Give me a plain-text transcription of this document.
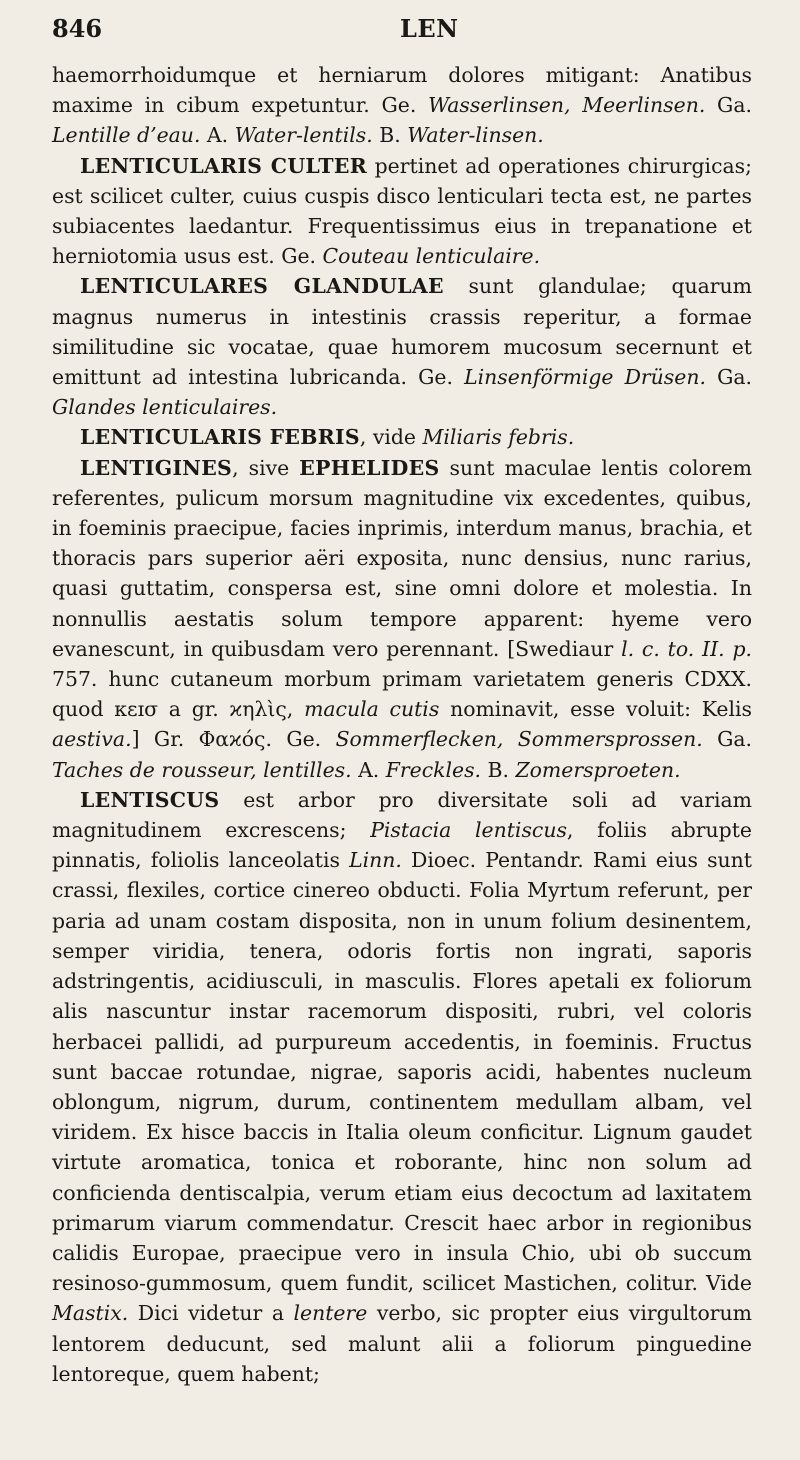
846	LEN

haemorrhoidumque et herniarum dolores mitigant: Anatibus maxime in cibum expetuntur. Ge. Wasserlinsen, Meerlinsen. Ga. Lentille d’eau. A. Water-lentils. B. Water-linsen.

LENTICULARIS CULTER pertinet ad operationes chirurgicas; est scilicet culter, cuius cuspis disco lenticulari tecta est, ne partes subiacentes laedantur. Frequentissimus eius in trepanatione et herniotomia usus est. Ge. Couteau lenticulaire.

LENTICULARES GLANDULAE sunt glandulae; quarum magnus numerus in intestinis crassis reperitur, a formae similitudine sic vocatae, quae humorem mucosum secernunt et emittunt ad intestina lubricanda. Ge. Linsenförmige Drüsen. Ga. Glandes lenticulaires.

LENTICULARIS FEBRIS, vide Miliaris febris.

LENTIGINES, sive EPHELIDES sunt maculae lentis colorem referentes, pulicum morsum magnitudine vix excedentes, quibus, in foeminis praecipue, facies inprimis, interdum manus, brachia, et thoracis pars superior aëri exposita, nunc densius, nunc rarius, quasi guttatim, conspersa est, sine omni dolore et molestia. In nonnullis aestatis solum tempore apparent: hyeme vero evanescunt, in quibusdam vero perennant. [Swediaur l. c. to. II. p. 757. hunc cutaneum morbum primam varietatem generis CDXX. quod κεɪσ a gr. ϰηλὶς, macula cutis nominavit, esse voluit: Kelis aestiva.] Gr. Φαϰός. Ge. Sommerflecken, Sommersprossen. Ga. Taches de rousseur, lentilles. A. Freckles. B. Zomersproeten.

LENTISCUS est arbor pro diversitate soli ad variam magnitudinem excrescens; Pistacia lentiscus, foliis abrupte pinnatis, foliolis lanceolatis Linn. Dioec. Pentandr. Rami eius sunt crassi, flexiles, cortice cinereo obducti. Folia Myrtum referunt, per paria ad unam costam disposita, non in unum folium desinentem, semper viridia, tenera, odoris fortis non ingrati, saporis adstringentis, acidiusculi, in masculis. Flores apetali ex foliorum alis nascuntur instar racemorum dispositi, rubri, vel coloris herbacei pallidi, ad purpureum accedentis, in foeminis. Fructus sunt baccae rotundae, nigrae, saporis acidi, habentes nucleum oblongum, nigrum, durum, continentem medullam albam, vel viridem. Ex hisce baccis in Italia oleum conficitur. Lignum gaudet virtute aromatica, tonica et roborante, hinc non solum ad conficienda dentiscalpia, verum etiam eius decoctum ad laxitatem primarum viarum commendatur. Crescit haec arbor in regionibus calidis Europae, praecipue vero in insula Chio, ubi ob succum resinoso-gummosum, quem fundit, scilicet Mastichen, colitur. Vide Mastix. Dici videtur a lentere verbo, sic propter eius virgultorum lentorem deducunt, sed malunt alii a foliorum pinguedine lentoreque, quem habent;
